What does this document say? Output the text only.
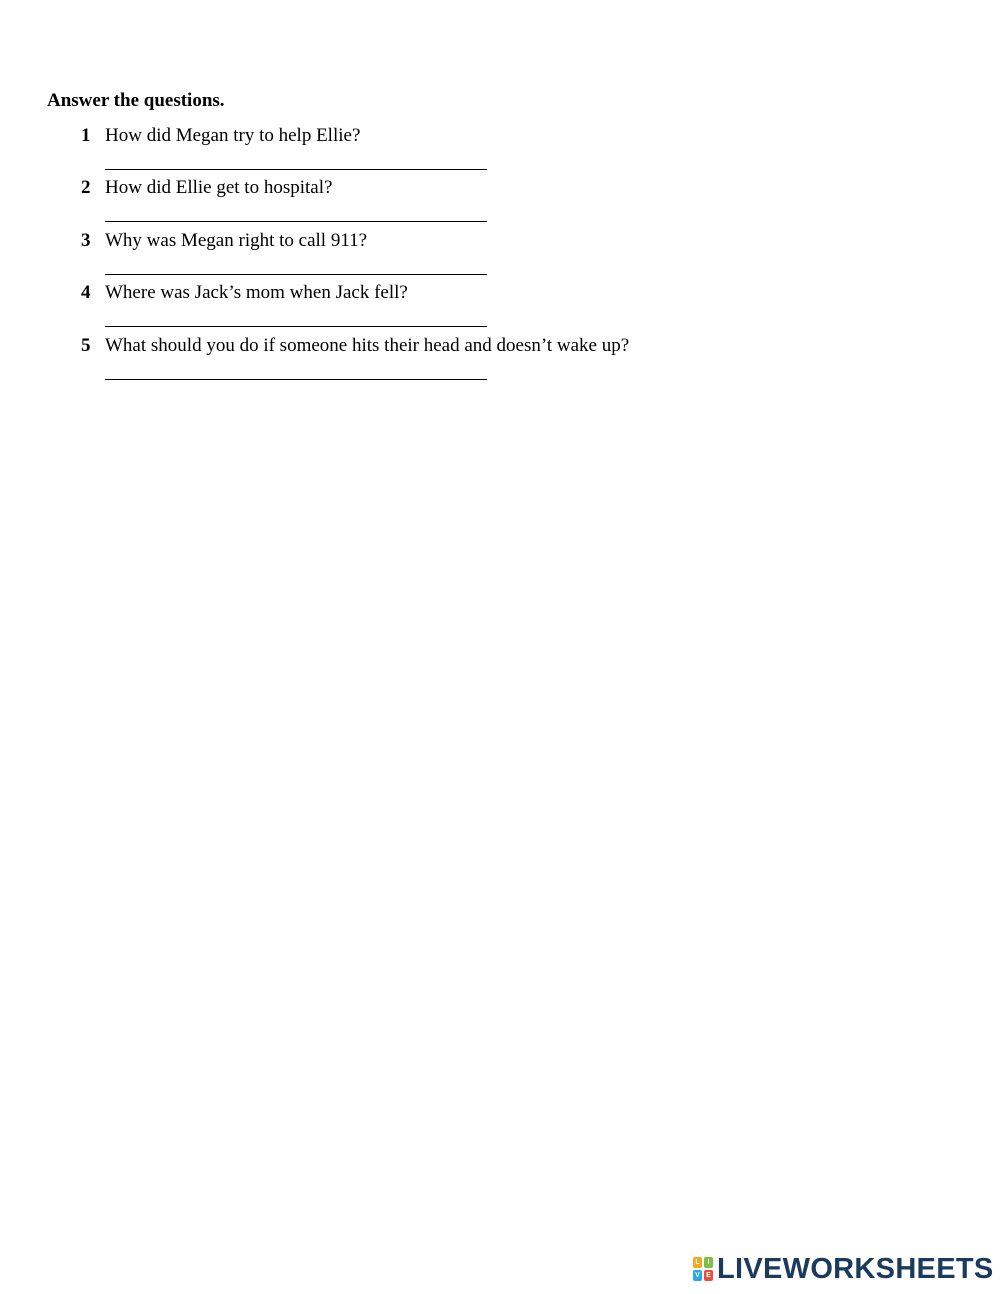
Answer the questions.
1 How did Megan try to help Ellie?
2 How did Ellie get to hospital?
3 Why was Megan right to call 911?
4 Where was Jack’s mom when Jack fell?
5 What should you do if someone hits their head and doesn’t wake up?
L	I
V E LIVEWORKSHEETS
